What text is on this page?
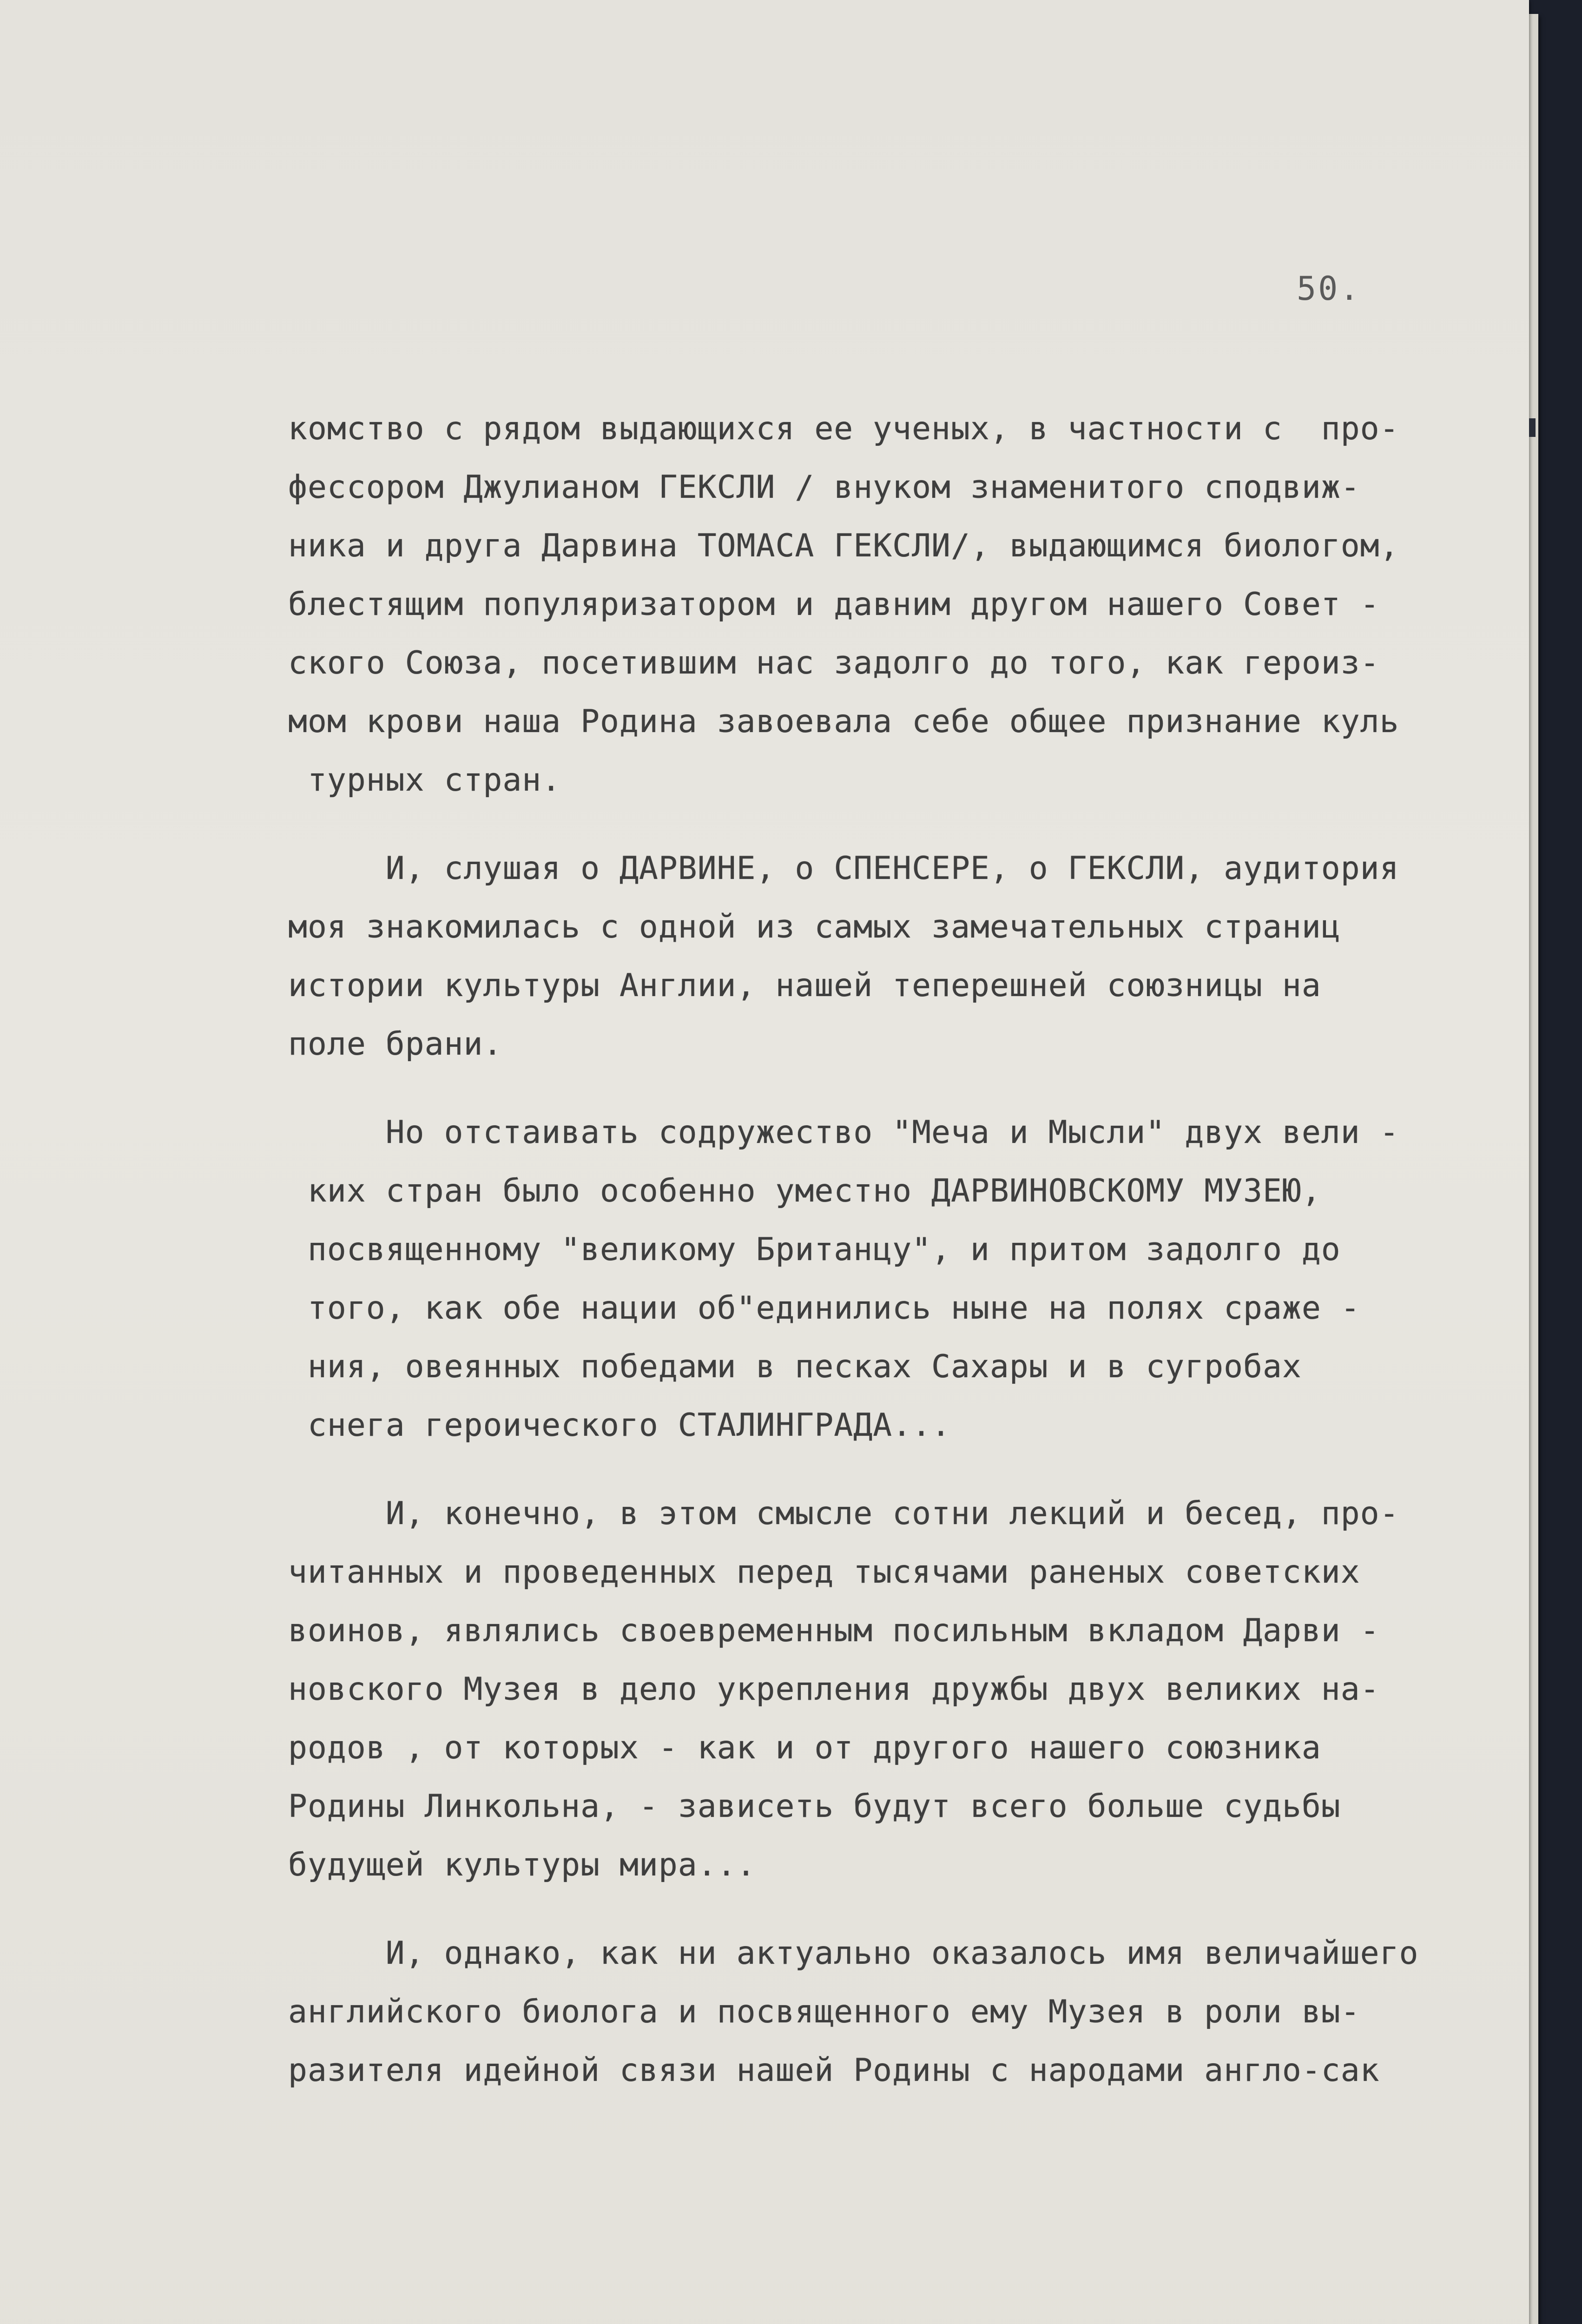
50.
комство с рядом выдающихся ее ученых, в частности с  про-
фессором Джулианом ГЕКСЛИ / внуком знаменитого сподвиж-
ника и друга Дарвина ТОМАСА ГЕКСЛИ/, выдающимся биологом,
блестящим популяризатором и давним другом нашего Совет -
ского Союза, посетившим нас задолго до того, как героиз-
мом крови наша Родина завоевала себе общее признание куль
турных стран.
И, слушая о ДАРВИНЕ, о СПЕНСЕРЕ, о ГЕКСЛИ, аудитория
моя знакомилась с одной из самых замечательных страниц
истории культуры Англии, нашей теперешней союзницы на
поле брани.
Но отстаивать содружество "Меча и Мысли" двух вели -
ких стран было особенно уместно ДАРВИНОВСКОМУ МУЗЕЮ,
посвященному "великому Британцу", и притом задолго до
того, как обе нации об"единились ныне на полях сраже -
ния, овеянных победами в песках Сахары и в сугробах
снега героического СТАЛИНГРАДА...
И, конечно, в этом смысле сотни лекций и бесед, про-
читанных и проведенных перед тысячами раненых советских
воинов, являлись своевременным посильным вкладом Дарви -
новского Музея в дело укрепления дружбы двух великих на-
родов , от которых - как и от другого нашего союзника
Родины Линкольна, - зависеть будут всего больше судьбы
будущей культуры мира...
И, однако, как ни актуально оказалось имя величайшего
английского биолога и посвященного ему Музея в роли вы-
разителя идейной связи нашей Родины с народами англо-сак
